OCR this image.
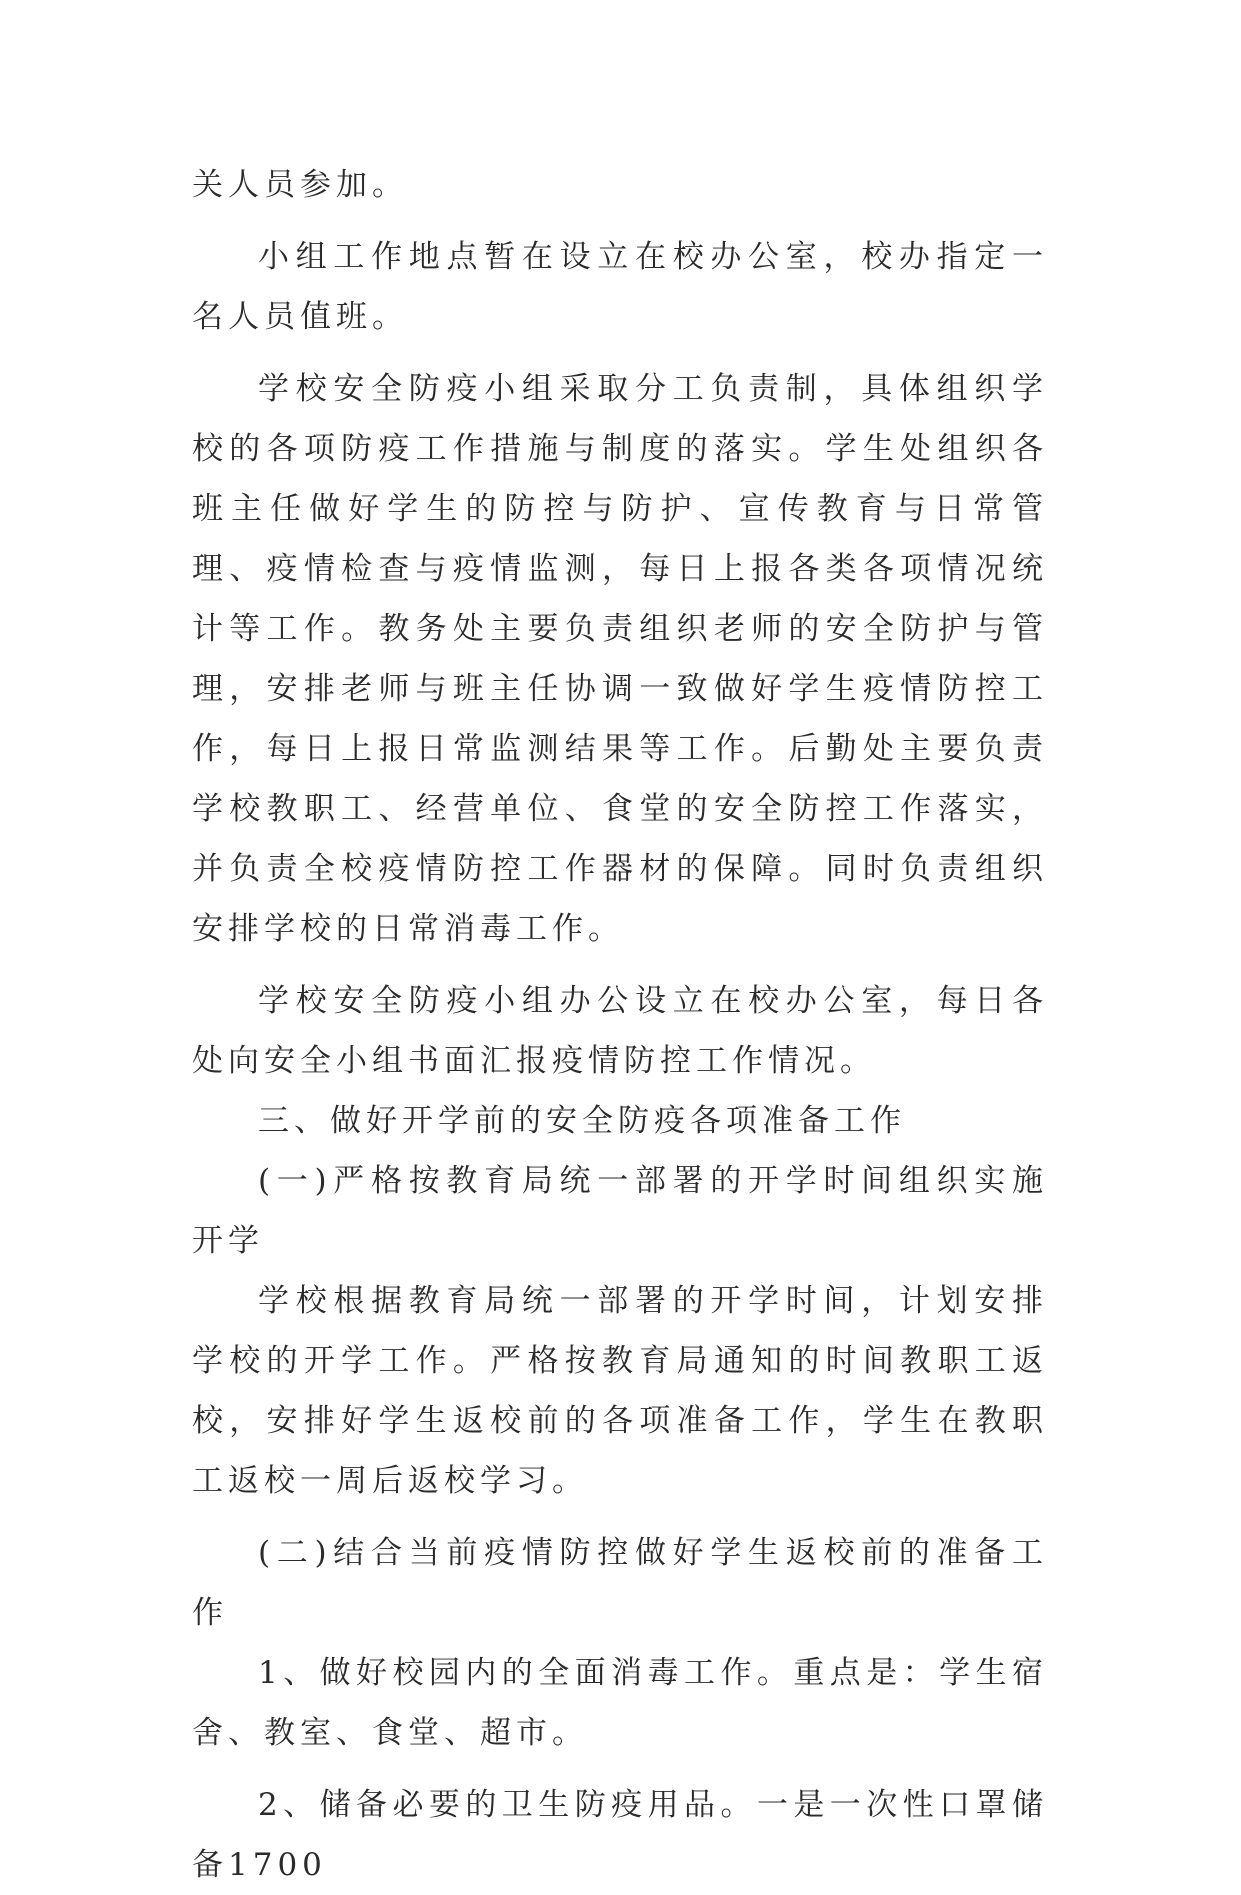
关人员参加。

小组工作地点暂在设立在校办公室，校办指定一名人员值班。

学校安全防疫小组采取分工负责制，具体组织学校的各项防疫工作措施与制度的落实。学生处组织各班主任做好学生的防控与防护、宣传教育与日常管理、疫情检查与疫情监测，每日上报各类各项情况统计等工作。教务处主要负责组织老师的安全防护与管理，安排老师与班主任协调一致做好学生疫情防控工作，每日上报日常监测结果等工作。后勤处主要负责学校教职工、经营单位、食堂的安全防控工作落实，并负责全校疫情防控工作器材的保障。同时负责组织安排学校的日常消毒工作。

学校安全防疫小组办公设立在校办公室，每日各处向安全小组书面汇报疫情防控工作情况。

三、做好开学前的安全防疫各项准备工作

(一)严格按教育局统一部署的开学时间组织实施开学

学校根据教育局统一部署的开学时间，计划安排学校的开学工作。严格按教育局通知的时间教职工返校，安排好学生返校前的各项准备工作，学生在教职工返校一周后返校学习。

(二)结合当前疫情防控做好学生返校前的准备工作

1、做好校园内的全面消毒工作。重点是：学生宿舍、教室、食堂、超市。

2、储备必要的卫生防疫用品。一是一次性口罩储备1700
